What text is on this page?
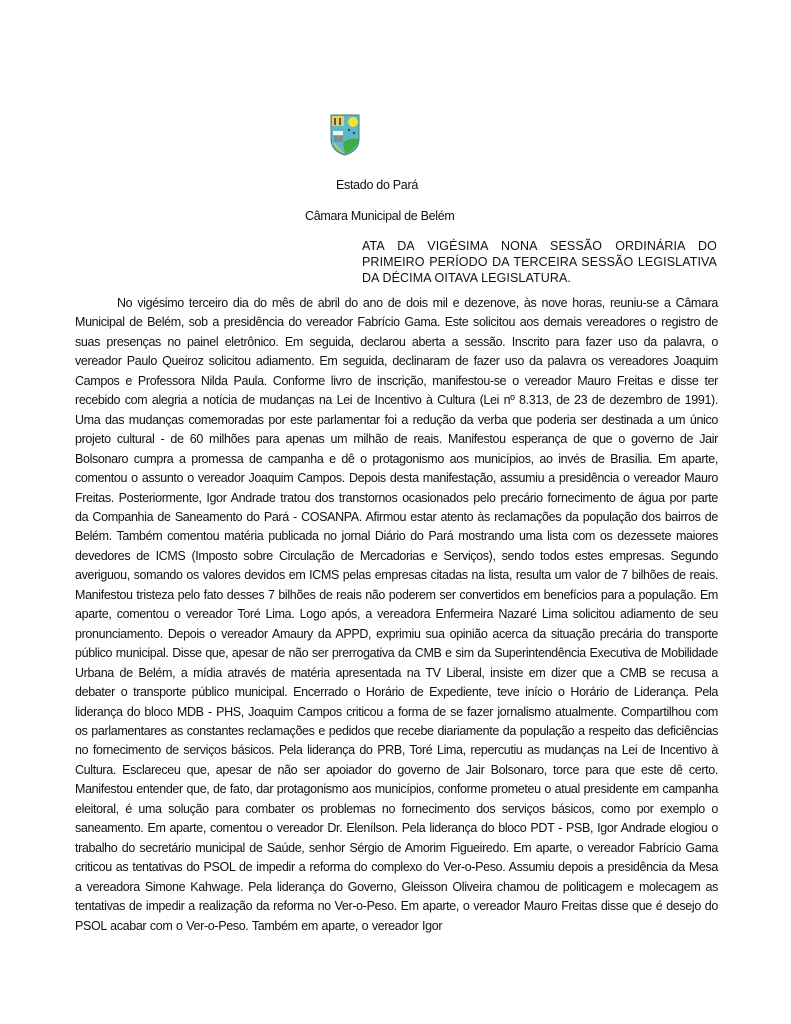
Estado do Pará
Câmara Municipal de Belém
ATA DA VIGÉSIMA NONA SESSÃO ORDINÁRIA DO PRIMEIRO PERÍODO DA TERCEIRA SESSÃO LEGISLATIVA DA DÉCIMA OITAVA LEGISLATURA.

No vigésimo terceiro dia do mês de abril do ano de dois mil e dezenove, às nove horas, reuniu-se a Câmara Municipal de Belém, sob a presidência do vereador Fabrício Gama. Este solicitou aos demais vereadores o registro de suas presenças no painel eletrônico. Em seguida, declarou aberta a sessão. Inscrito para fazer uso da palavra, o vereador Paulo Queiroz solicitou adiamento. Em seguida, declinaram de fazer uso da palavra os vereadores Joaquim Campos e Professora Nilda Paula. Conforme livro de inscrição, manifestou-se o vereador Mauro Freitas e disse ter recebido com alegria a notícia de mudanças na Lei de Incentivo à Cultura (Lei nº 8.313, de 23 de dezembro de 1991). Uma das mudanças comemoradas por este parlamentar foi a redução da verba que poderia ser destinada a um único projeto cultural - de 60 milhões para apenas um milhão de reais. Manifestou esperança de que o governo de Jair Bolsonaro cumpra a promessa de campanha e dê o protagonismo aos municípios, ao invés de Brasília. Em aparte, comentou o assunto o vereador Joaquim Campos. Depois desta manifestação, assumiu a presidência o vereador Mauro Freitas. Posteriormente, Igor Andrade tratou dos transtornos ocasionados pelo precário fornecimento de água por parte da Companhia de Saneamento do Pará - COSANPA. Afirmou estar atento às reclamações da população dos bairros de Belém. Também comentou matéria publicada no jornal Diário do Pará mostrando uma lista com os dezessete maiores devedores de ICMS (Imposto sobre Circulação de Mercadorias e Serviços), sendo todos estes empresas. Segundo averiguou, somando os valores devidos em ICMS pelas empresas citadas na lista, resulta um valor de 7 bilhões de reais. Manifestou tristeza pelo fato desses 7 bilhões de reais não poderem ser convertidos em benefícios para a população. Em aparte, comentou o vereador Toré Lima. Logo após, a vereadora Enfermeira Nazaré Lima solicitou adiamento de seu pronunciamento. Depois o vereador Amaury da APPD, exprimiu sua opinião acerca da situação precária do transporte público municipal. Disse que, apesar de não ser prerrogativa da CMB e sim da Superintendência Executiva de Mobilidade Urbana de Belém, a mídia através de matéria apresentada na TV Liberal, insiste em dizer que a CMB se recusa a debater o transporte público municipal. Encerrado o Horário de Expediente, teve início o Horário de Liderança. Pela liderança do bloco MDB - PHS, Joaquim Campos criticou a forma de se fazer jornalismo atualmente. Compartilhou com os parlamentares as constantes reclamações e pedidos que recebe diariamente da população a respeito das deficiências no fornecimento de serviços básicos. Pela liderança do PRB, Toré Lima, repercutiu as mudanças na Lei de Incentivo à Cultura. Esclareceu que, apesar de não ser apoiador do governo de Jair Bolsonaro, torce para que este dê certo. Manifestou entender que, de fato, dar protagonismo aos municípios, conforme prometeu o atual presidente em campanha eleitoral, é uma solução para combater os problemas no fornecimento dos serviços básicos, como por exemplo o saneamento. Em aparte, comentou o vereador Dr. Elenílson. Pela liderança do bloco PDT - PSB, Igor Andrade elogiou o trabalho do secretário municipal de Saúde, senhor Sérgio de Amorim Figueiredo. Em aparte, o vereador Fabrício Gama criticou as tentativas do PSOL de impedir a reforma do complexo do Ver-o-Peso. Assumiu depois a presidência da Mesa a vereadora Simone Kahwage. Pela liderança do Governo, Gleisson Oliveira chamou de politicagem e molecagem as tentativas de impedir a realização da reforma no Ver-o-Peso. Em aparte, o vereador Mauro Freitas disse que é desejo do PSOL acabar com o Ver-o-Peso. Também em aparte, o vereador Igor
